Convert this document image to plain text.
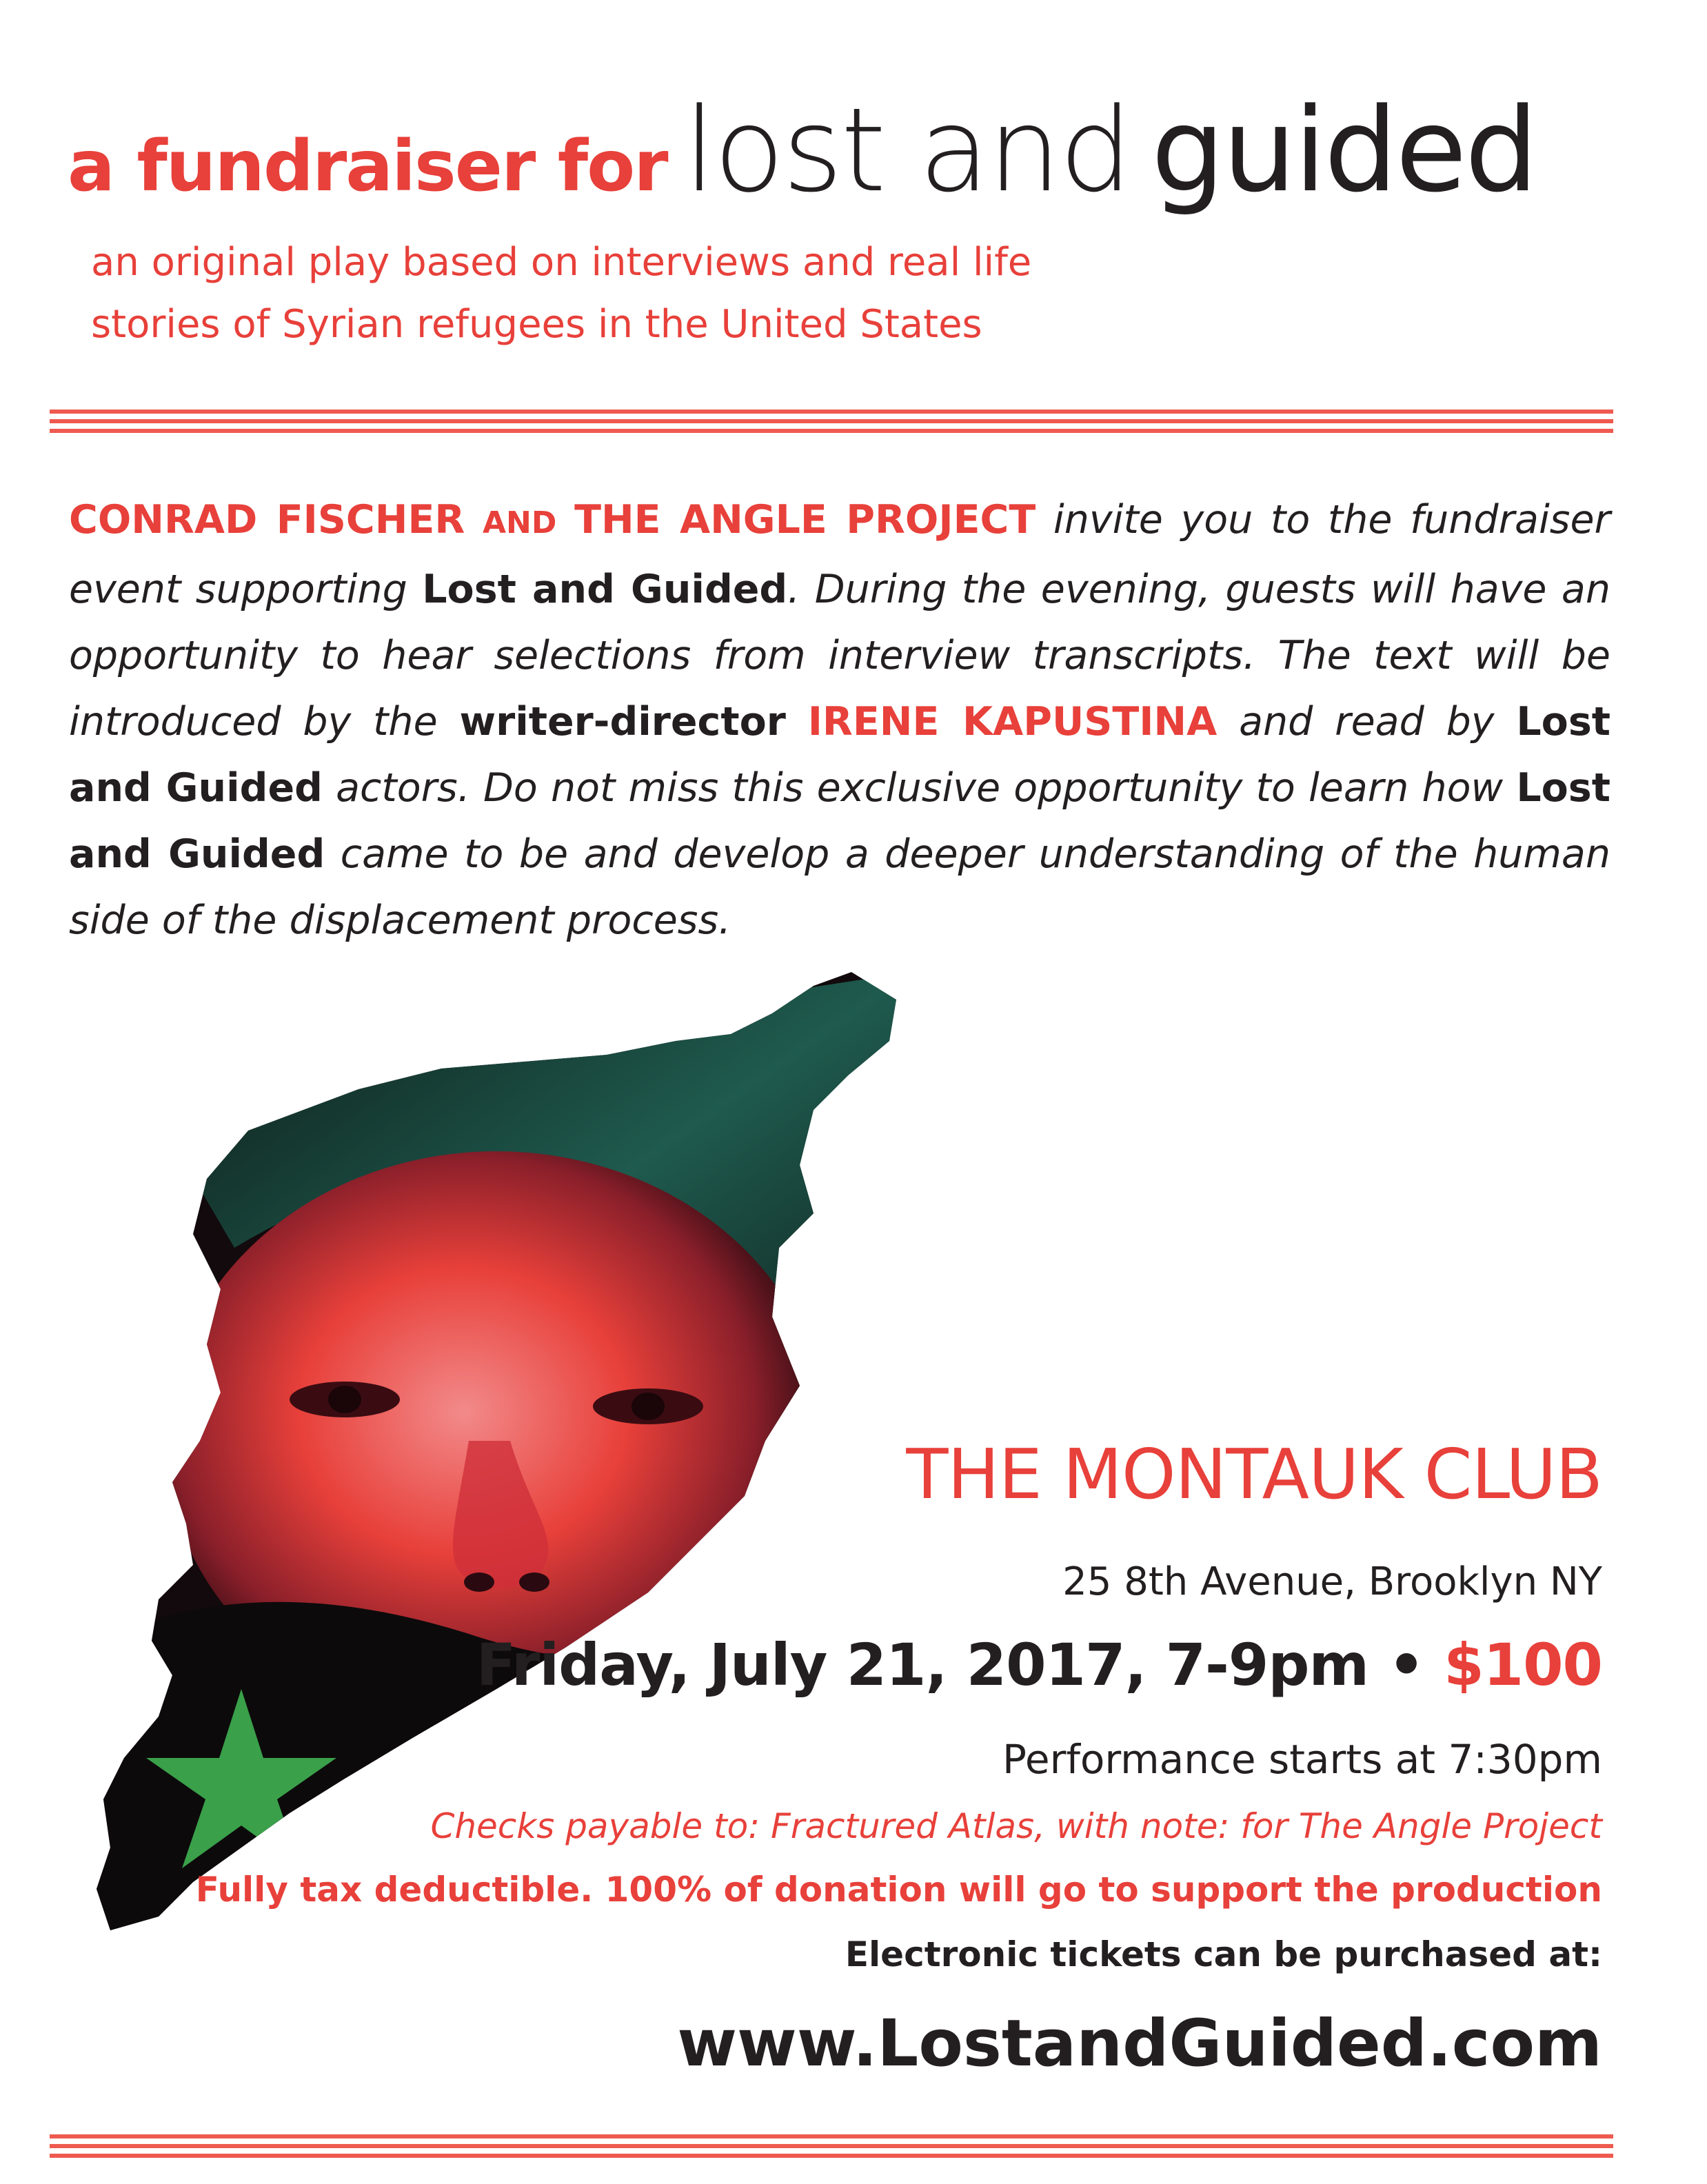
a fundraiser for lost and guided
an original play based on interviews and real life
stories of Syrian refugees in the United States
CONRAD FISCHER AND THE ANGLE PROJECT invite you to the fundraiser event supporting Lost and Guided. During the evening, guests will have an opportunity to hear selections from interview transcripts. The text will be introduced by the writer-director IRENE KAPUSTINA and read by Lost and Guided actors. Do not miss this exclusive opportunity to learn how Lost and Guided came to be and develop a deeper understanding of the human side of the displacement process.
THE MONTAUK CLUB
25 8th Avenue, Brooklyn NY
Friday, July 21, 2017, 7-9pm • $100
Performance starts at 7:30pm
Checks payable to: Fractured Atlas, with note: for The Angle Project
Fully tax deductible. 100% of donation will go to support the production
Electronic tickets can be purchased at:
www.LostandGuided.com
